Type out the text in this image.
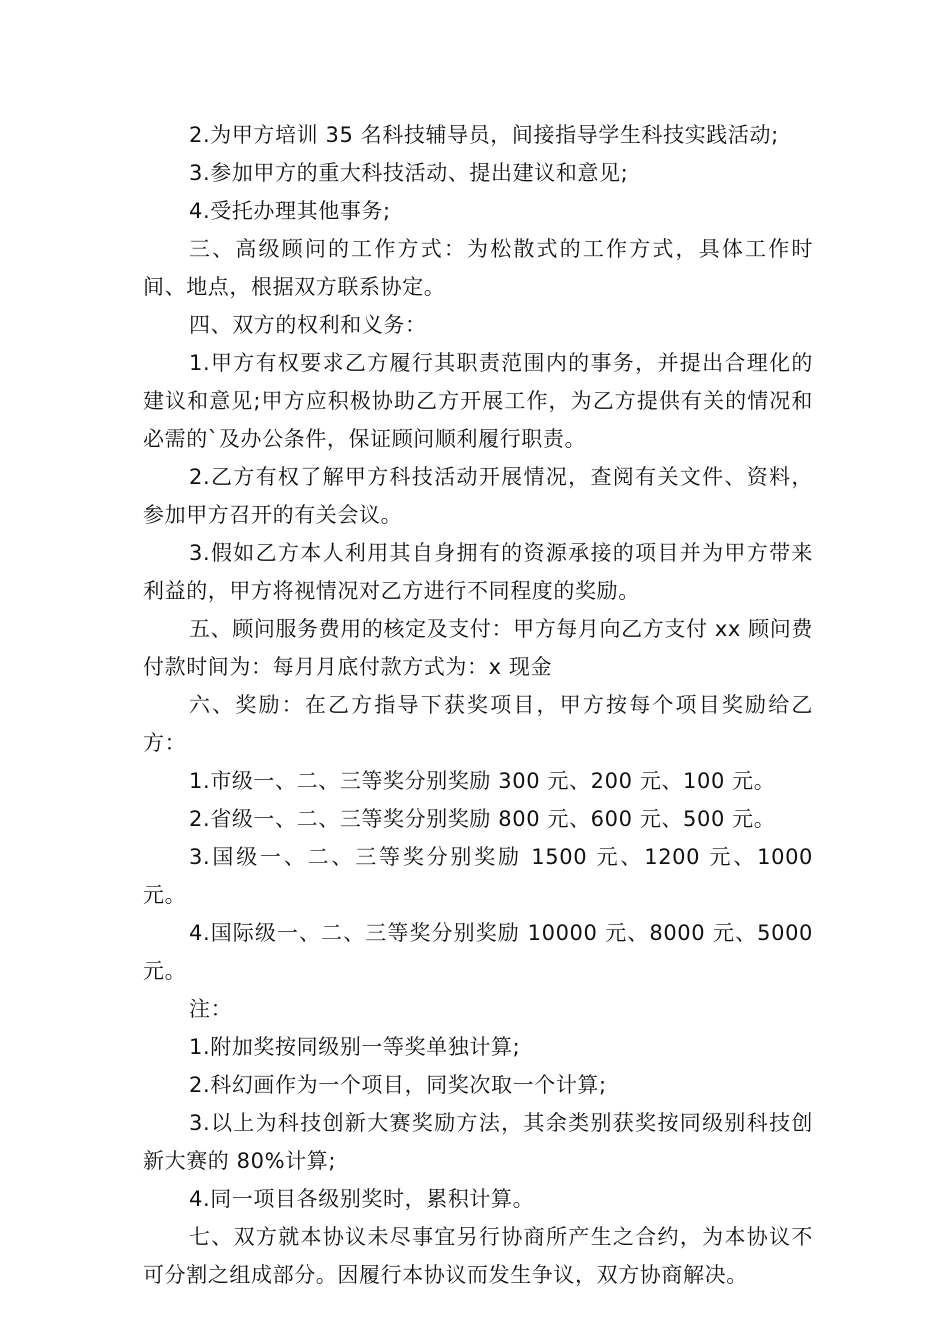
2.为甲方培训 35 名科技辅导员，间接指导学生科技实践活动;

3.参加甲方的重大科技活动、提出建议和意见;

4.受托办理其他事务;

三、高级顾问的工作方式：为松散式的工作方式，具体工作时间、地点，根据双方联系协定。

四、双方的权利和义务：

1.甲方有权要求乙方履行其职责范围内的事务，并提出合理化的建议和意见;甲方应积极协助乙方开展工作，为乙方提供有关的情况和必需的`及办公条件，保证顾问顺利履行职责。

2.乙方有权了解甲方科技活动开展情况，查阅有关文件、资料，参加甲方召开的有关会议。

3.假如乙方本人利用其自身拥有的资源承接的项目并为甲方带来利益的，甲方将视情况对乙方进行不同程度的奖励。

五、顾问服务费用的核定及支付：甲方每月向乙方支付 xx 顾问费付款时间为：每月月底付款方式为：x 现金

六、奖励：在乙方指导下获奖项目，甲方按每个项目奖励给乙方：

1.市级一、二、三等奖分别奖励 300 元、200 元、100 元。

2.省级一、二、三等奖分别奖励 800 元、600 元、500 元。

3.国级一、二、三等奖分别奖励 1500 元、1200 元、1000 元。

4.国际级一、二、三等奖分别奖励 10000 元、8000 元、5000 元。

注：

1.附加奖按同级别一等奖单独计算;

2.科幻画作为一个项目，同奖次取一个计算;

3.以上为科技创新大赛奖励方法，其余类别获奖按同级别科技创新大赛的 80%计算;

4.同一项目各级别奖时，累积计算。

七、双方就本协议未尽事宜另行协商所产生之合约，为本协议不可分割之组成部分。因履行本协议而发生争议，双方协商解决。
